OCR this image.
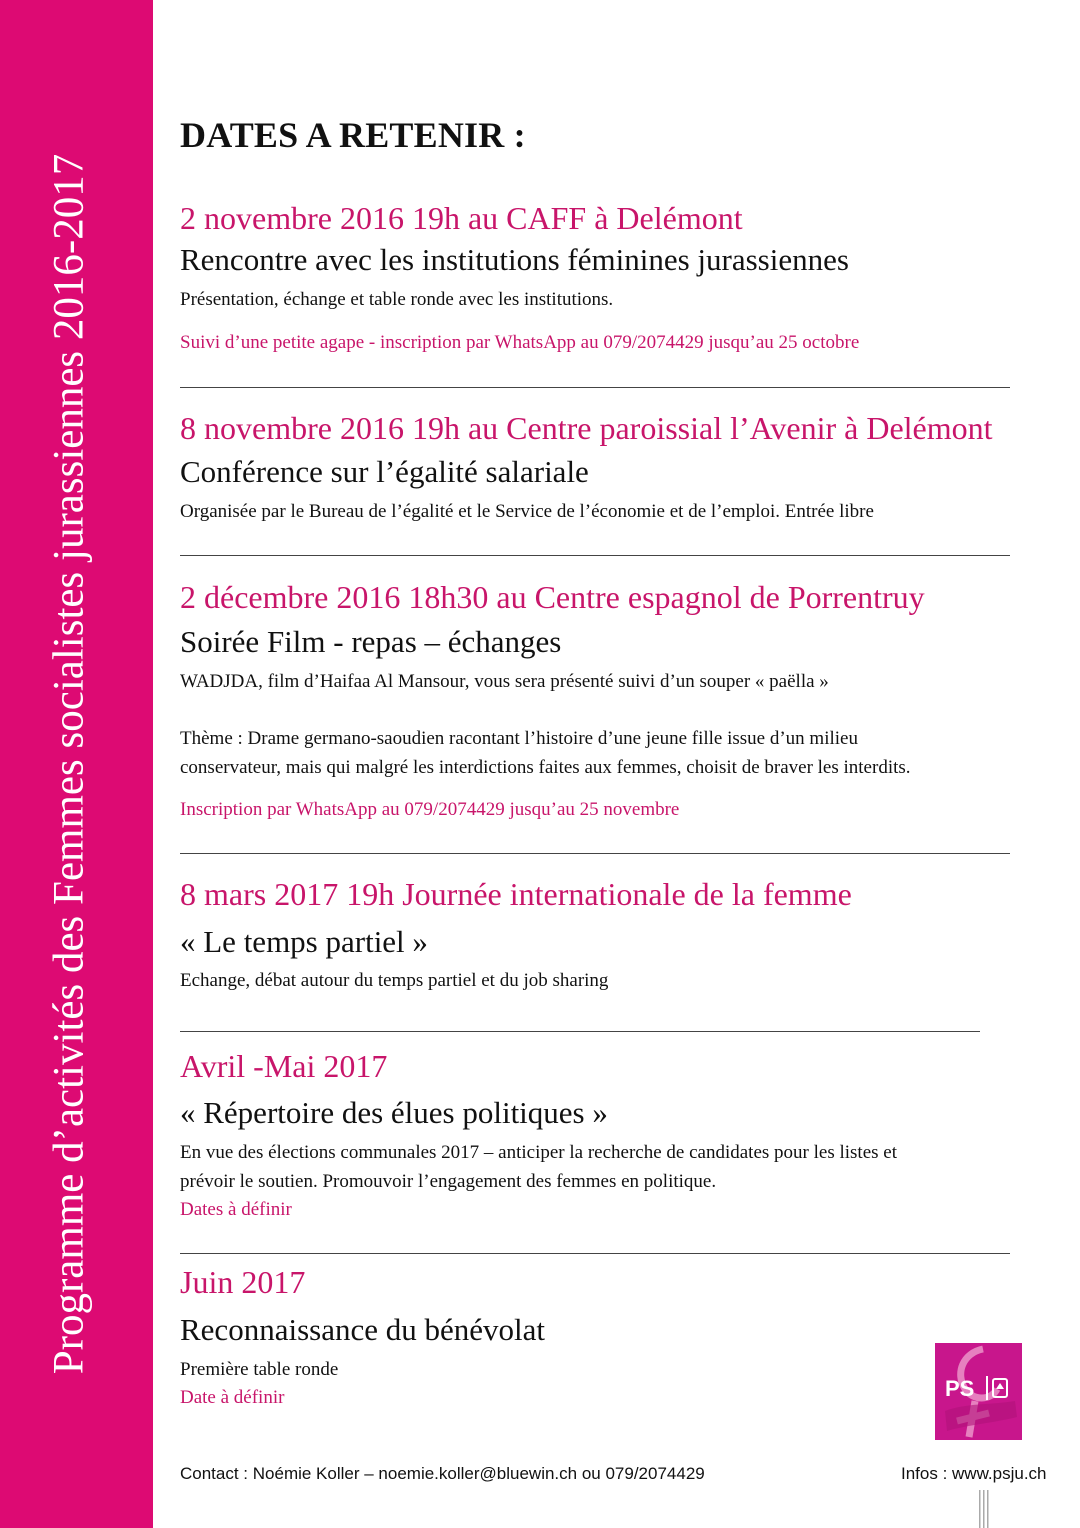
Programme d’activités des Femmes socialistes jurassiennes 2016-2017
DATES A RETENIR :
2 novembre 2016 19h au CAFF à Delémont
Rencontre avec les institutions féminines jurassiennes
Présentation, échange et table ronde avec les institutions.
Suivi d’une petite agape - inscription par WhatsApp au 079/2074429 jusqu’au 25 octobre
8 novembre 2016 19h au Centre paroissial l’Avenir à Delémont
Conférence sur l’égalité salariale
Organisée par le Bureau de l’égalité et le Service de l’économie et de l’emploi. Entrée libre
2 décembre 2016 18h30 au Centre espagnol de Porrentruy
Soirée Film - repas – échanges
WADJDA, film d’Haifaa Al Mansour, vous sera présenté suivi d’un souper « paëlla »
Thème : Drame germano-saoudien racontant l’histoire d’une jeune fille issue d’un milieu
conservateur, mais qui malgré les interdictions faites aux femmes, choisit de braver les interdits.
Inscription par WhatsApp au 079/2074429 jusqu’au 25 novembre
8 mars 2017 19h Journée internationale de la femme
« Le temps partiel »
Echange, débat autour du temps partiel et du job sharing
Avril -Mai 2017
« Répertoire des élues politiques »
En vue des élections communales 2017 – anticiper la recherche de candidates pour les listes et
prévoir le soutien. Promouvoir l’engagement des femmes en politique.
Dates à définir
Juin 2017
Reconnaissance du bénévolat
Première table ronde
Date à définir	PS
Contact : Noémie Koller – noemie.koller@bluewin.ch ou 079/2074429	Infos : www.psju.ch
